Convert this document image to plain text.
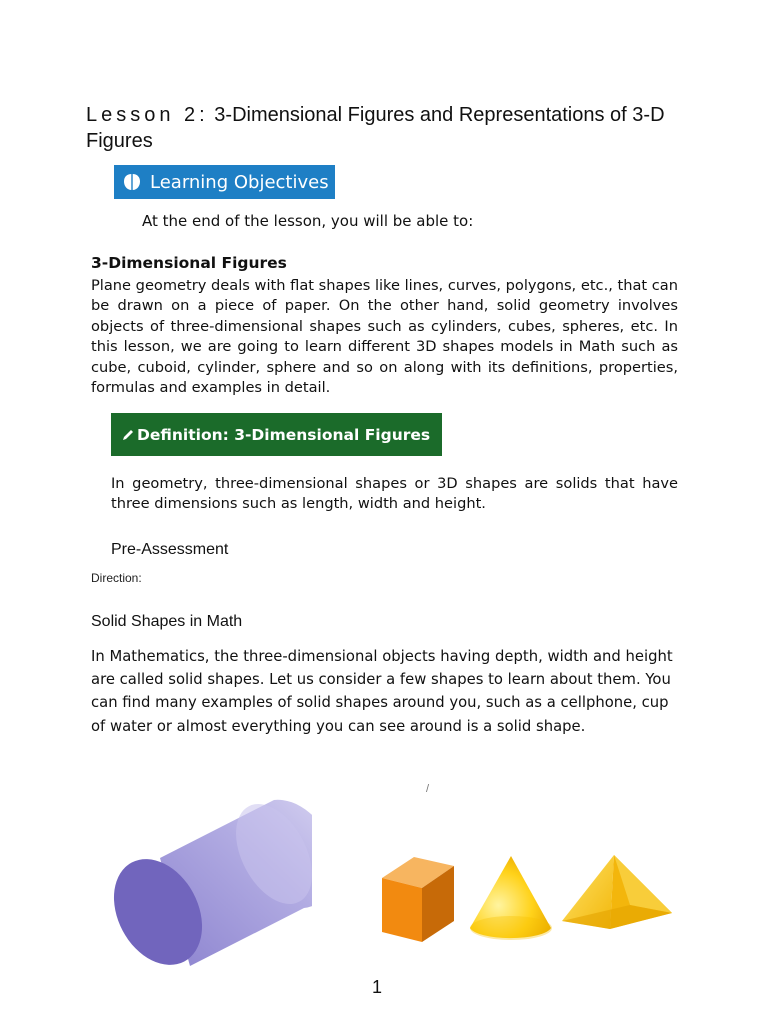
Lesson 2: 3-Dimensional Figures and Representations of 3-D Figures
Learning Objectives
At the end of the lesson, you will be able to:
3-Dimensional Figures
Plane geometry deals with flat shapes like lines, curves, polygons, etc., that can be drawn on a piece of paper. On the other hand, solid geometry involves objects of three-dimensional shapes such as cylinders, cubes, spheres, etc. In this lesson, we are going to learn different 3D shapes models in Math such as cube, cuboid, cylinder, sphere and so on along with its definitions, properties, formulas and examples in detail.
Definition: 3-Dimensional Figures
In geometry, three-dimensional shapes or 3D shapes are solids that have three dimensions such as length, width and height.
Pre-Assessment
Direction:
Solid Shapes in Math
In Mathematics, the three-dimensional objects having depth, width and height are called solid shapes. Let us consider a few shapes to learn about them. You can find many examples of solid shapes around you, such as a cellphone, cup of water or almost everything you can see around is a solid shape.
/
1
